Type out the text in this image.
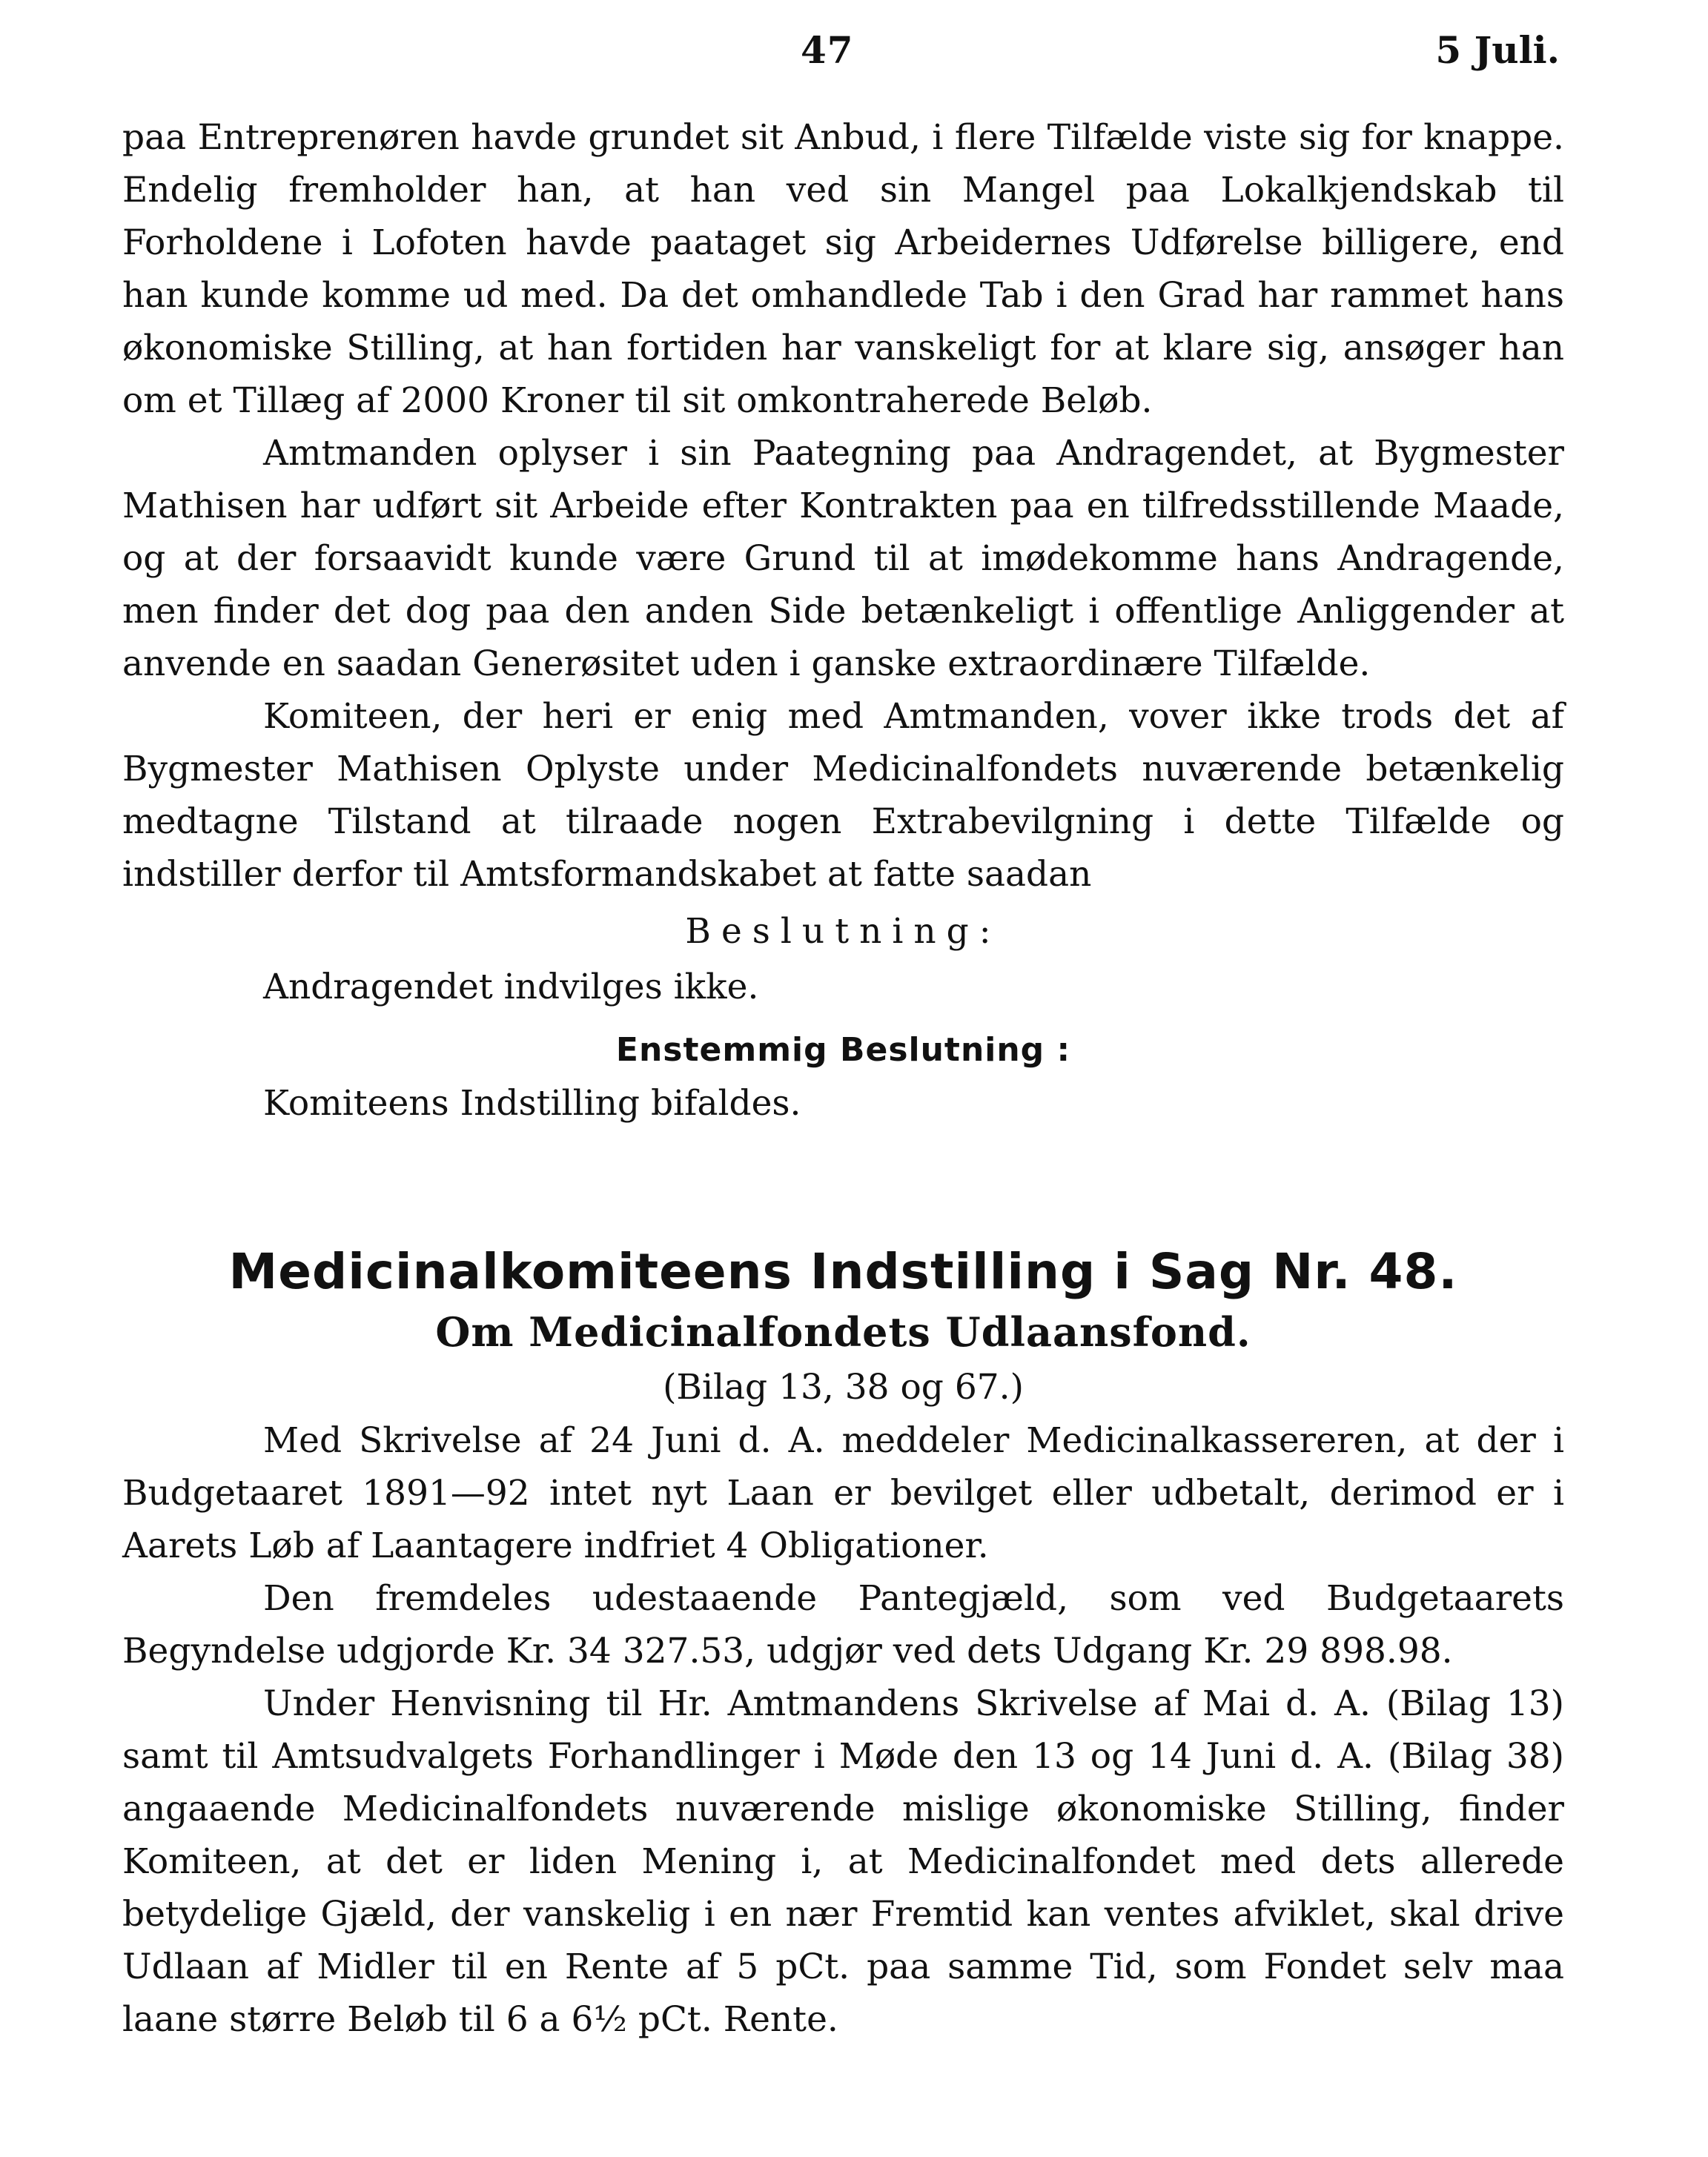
47	5 Juli.

paa Entreprenøren havde grundet sit Anbud, i flere Tilfælde viste sig for knappe. Endelig fremholder han, at han ved sin Mangel paa Lokalkjendskab til Forholdene i Lofoten havde paataget sig Arbeidernes Udførelse billigere, end han kunde komme ud med. Da det omhandlede Tab i den Grad har rammet hans økonomiske Stilling, at han fortiden har vanskeligt for at klare sig, ansøger han om et Tillæg af 2000 Kroner til sit omkontraherede Beløb.

Amtmanden oplyser i sin Paategning paa Andragendet, at Bygmester Mathisen har udført sit Arbeide efter Kontrakten paa en tilfredsstillende Maade, og at der forsaavidt kunde være Grund til at imødekomme hans Andragende, men finder det dog paa den anden Side betænkeligt i offentlige Anliggender at anvende en saadan Generøsitet uden i ganske extraordinære Tilfælde.

Komiteen, der heri er enig med Amtmanden, vover ikke trods det af Bygmester Mathisen Oplyste under Medicinalfondets nuværende betænkelig medtagne Tilstand at tilraade nogen Extrabevilgning i dette Tilfælde og indstiller derfor til Amtsformandskabet at fatte saadan

Beslutning:

Andragendet indvilges ikke.

Enstemmig Beslutning :

Komiteens Indstilling bifaldes.

Medicinalkomiteens Indstilling i Sag Nr. 48.
Om Medicinalfondets Udlaansfond.

(Bilag 13, 38 og 67.)

Med Skrivelse af 24 Juni d. A. meddeler Medicinalkassereren, at der i Budgetaaret 1891—92 intet nyt Laan er bevilget eller udbetalt, derimod er i Aarets Løb af Laantagere indfriet 4 Obligationer.

Den fremdeles udestaaende Pantegjæld, som ved Budgetaarets Begyndelse udgjorde Kr. 34 327.53, udgjør ved dets Udgang Kr. 29 898.98.

Under Henvisning til Hr. Amtmandens Skrivelse af Mai d. A. (Bilag 13) samt til Amtsudvalgets Forhandlinger i Møde den 13 og 14 Juni d. A. (Bilag 38) angaaende Medicinalfondets nuværende mislige økonomiske Stilling, finder Komiteen, at det er liden Mening i, at Medicinalfondet med dets allerede betydelige Gjæld, der vanskelig i en nær Fremtid kan ventes afviklet, skal drive Udlaan af Midler til en Rente af 5 pCt. paa samme Tid, som Fondet selv maa laane større Beløb til 6 a 6½ pCt. Rente.
